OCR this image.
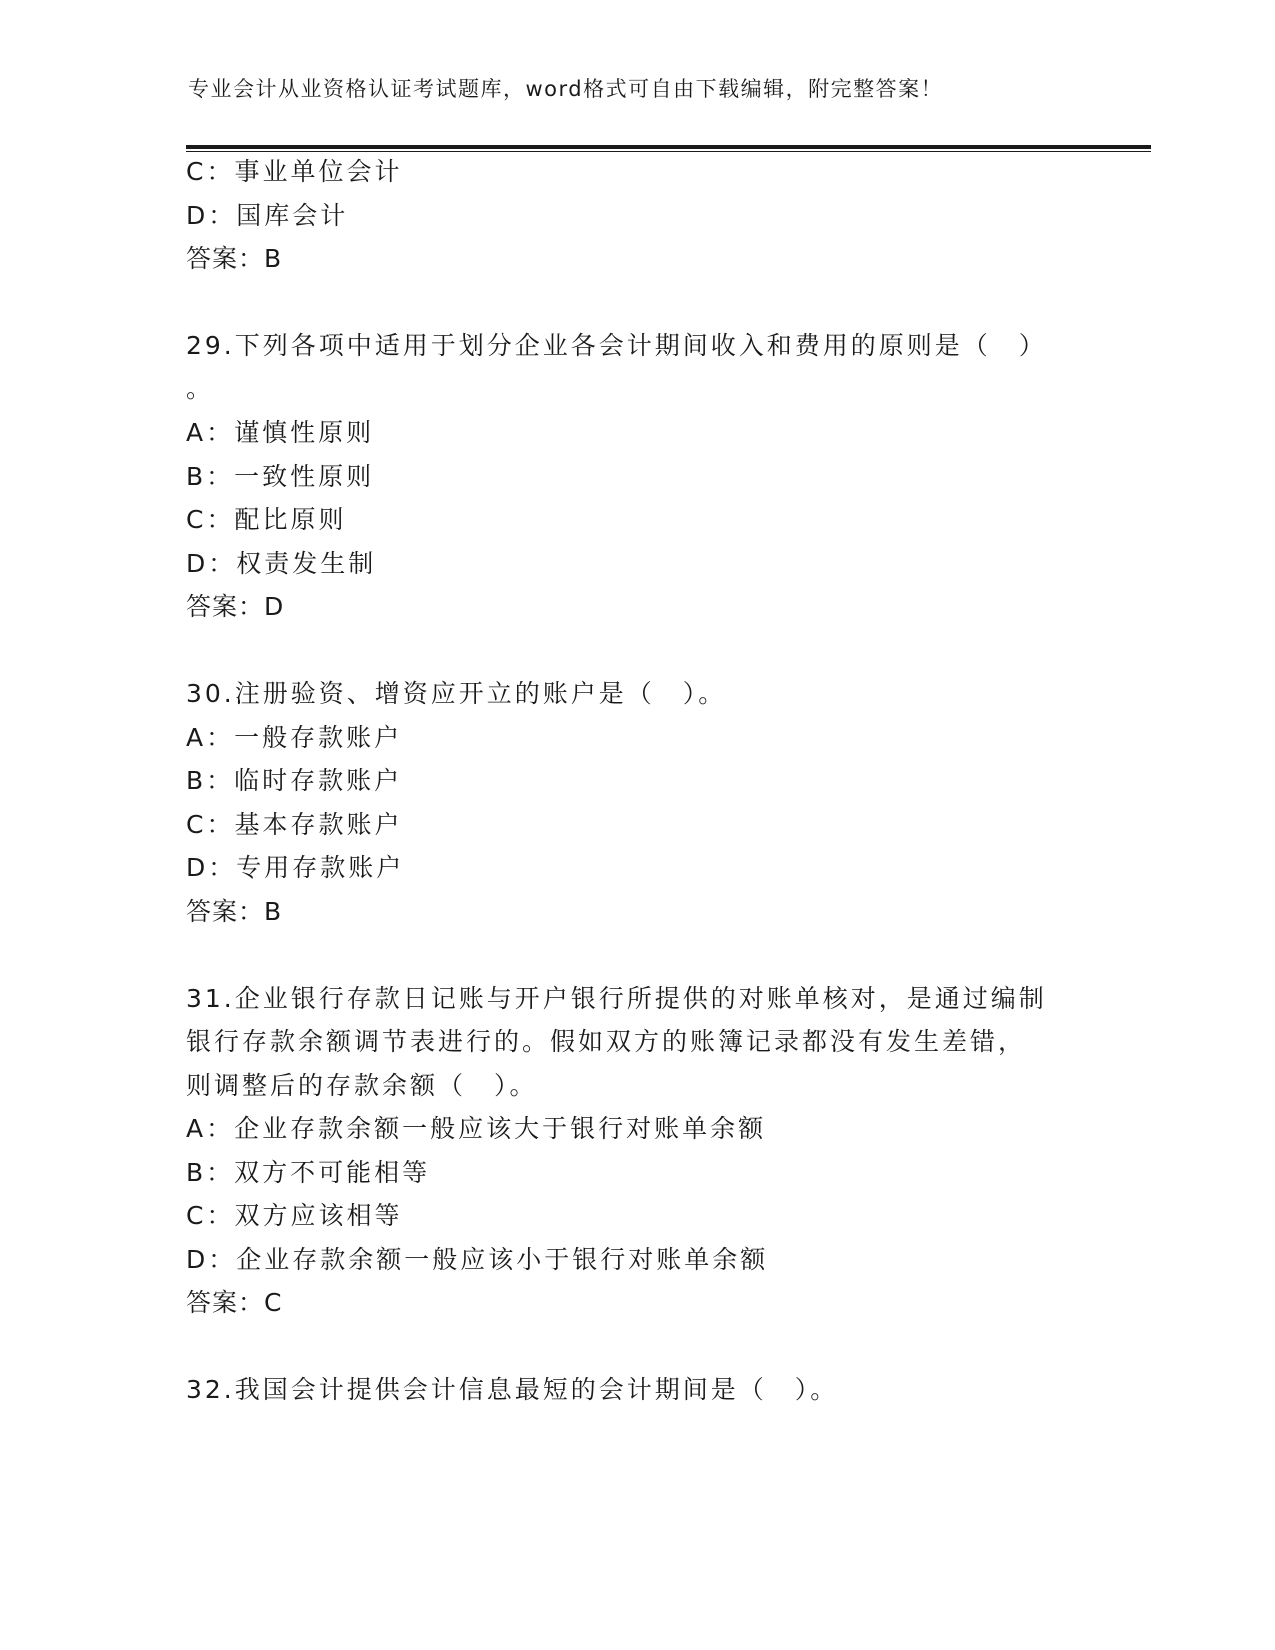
专业会计从业资格认证考试题库，word格式可自由下载编辑，附完整答案！
C：事业单位会计
D：国库会计
答案：B
29.下列各项中适用于划分企业各会计期间收入和费用的原则是（　）
。
A：谨慎性原则
B：一致性原则
C：配比原则
D：权责发生制
答案：D
30.注册验资、增资应开立的账户是（　）。
A：一般存款账户
B：临时存款账户
C：基本存款账户
D：专用存款账户
答案：B
31.企业银行存款日记账与开户银行所提供的对账单核对，是通过编制
银行存款余额调节表进行的。假如双方的账簿记录都没有发生差错，
则调整后的存款余额（　）。
A：企业存款余额一般应该大于银行对账单余额
B：双方不可能相等
C：双方应该相等
D：企业存款余额一般应该小于银行对账单余额
答案：C
32.我国会计提供会计信息最短的会计期间是（　）。
